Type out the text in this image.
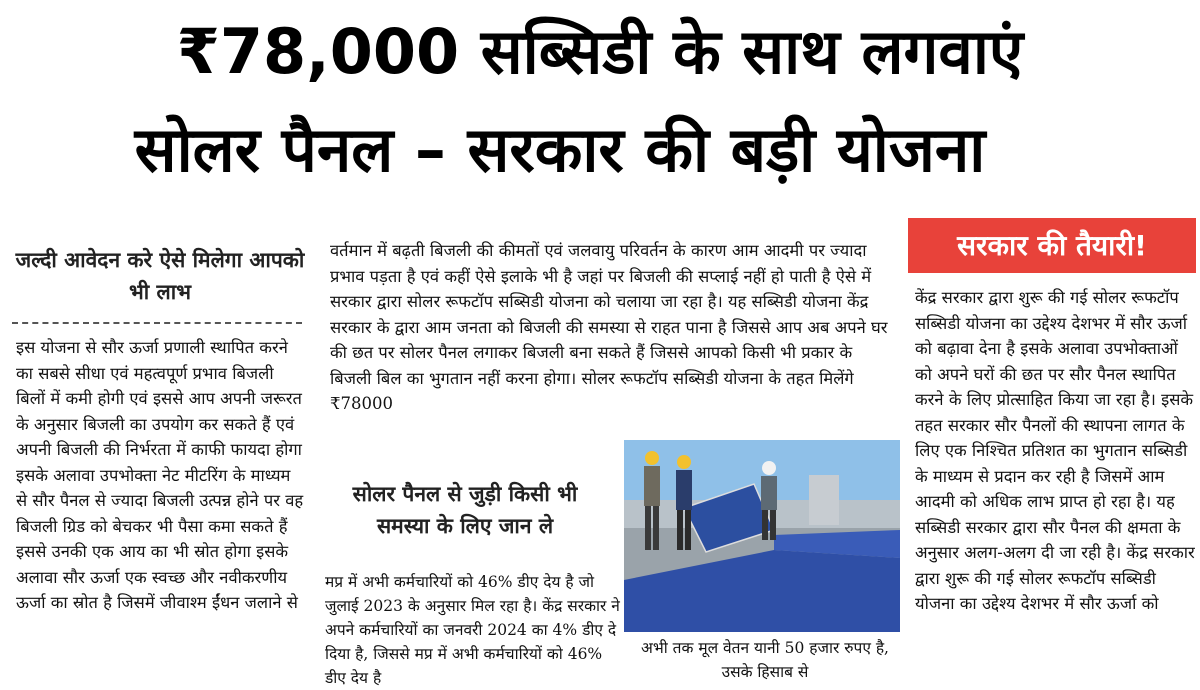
₹78,000 सब्सिडी के साथ लगवाएं
सोलर पैनल – सरकार की बड़ी योजना
जल्दी आवेदन करे ऐसे मिलेगा आपको भी लाभ

इस योजना से सौर ऊर्जा प्रणाली स्थापित करने का सबसे सीधा एवं महत्वपूर्ण प्रभाव बिजली बिलों में कमी होगी एवं इससे आप अपनी जरूरत के अनुसार बिजली का उपयोग कर सकते हैं एवं अपनी बिजली की निर्भरता में काफी फायदा होगा इसके अलावा उपभोक्ता नेट मीटरिंग के माध्यम से सौर पैनल से ज्यादा बिजली उत्पन्न होने पर वह बिजली ग्रिड को बेचकर भी पैसा कमा सकते हैं इससे उनकी एक आय का भी स्रोत होगा इसके अलावा सौर ऊर्जा एक स्वच्छ और नवीकरणीय ऊर्जा का स्रोत है जिसमें जीवाश्म ईंधन जलाने से

वर्तमान में बढ़ती बिजली की कीमतों एवं जलवायु परिवर्तन के कारण आम आदमी पर ज्यादा प्रभाव पड़ता है एवं कहीं ऐसे इलाके भी है जहां पर बिजली की सप्लाई नहीं हो पाती है ऐसे में सरकार द्वारा सोलर रूफटॉप सब्सिडी योजना को चलाया जा रहा है। यह सब्सिडी योजना केंद्र सरकार के द्वारा आम जनता को बिजली की समस्या से राहत पाना है जिससे आप अब अपने घर की छत पर सोलर पैनल लगाकर बिजली बना सकते हैं जिससे आपको किसी भी प्रकार के बिजली बिल का भुगतान नहीं करना होगा। सोलर रूफटॉप सब्सिडी योजना के तहत मिलेंगे ₹78000

सोलर पैनल से जुड़ी किसी भी समस्या के लिए जान ले

मप्र में अभी कर्मचारियों को 46% डीए देय है जो जुलाई 2023 के अनुसार मिल रहा है। केंद्र सरकार ने अपने कर्मचारियों का जनवरी 2024 का 4% डीए दे दिया है, जिससे मप्र में अभी कर्मचारियों को 46% डीए देय है

अभी तक मूल वेतन यानी 50 हजार रुपए है, उसके हिसाब से
सरकार की तैयारी!

केंद्र सरकार द्वारा शुरू की गई सोलर रूफटॉप सब्सिडी योजना का उद्देश्य देशभर में सौर ऊर्जा को बढ़ावा देना है इसके अलावा उपभोक्ताओं को अपने घरों की छत पर सौर पैनल स्थापित करने के लिए प्रोत्साहित किया जा रहा है। इसके तहत सरकार सौर पैनलों की स्थापना लागत के लिए एक निश्चित प्रतिशत का भुगतान सब्सिडी के माध्यम से प्रदान कर रही है जिसमें आम आदमी को अधिक लाभ प्राप्त हो रहा है। यह सब्सिडी सरकार द्वारा सौर पैनल की क्षमता के अनुसार अलग-अलग दी जा रही है। केंद्र सरकार द्वारा शुरू की गई सोलर रूफटॉप सब्सिडी योजना का उद्देश्य देशभर में सौर ऊर्जा को
